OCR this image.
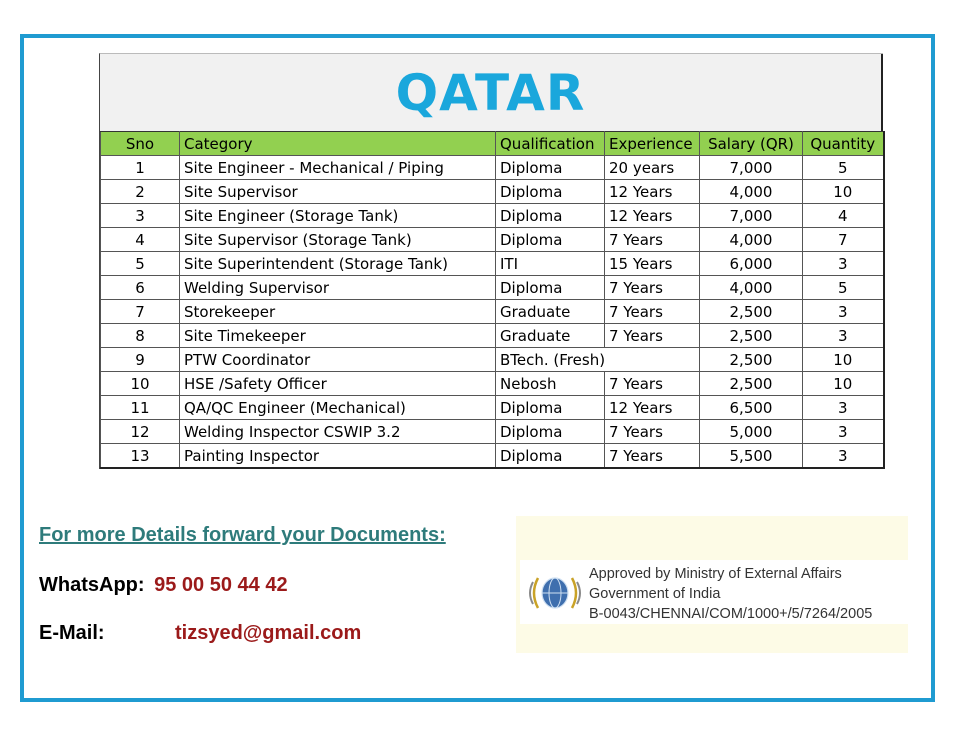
QATAR
Sno	Category	Qualification	Experience	Salary (QR)	Quantity
1	Site Engineer - Mechanical / Piping	Diploma	20 years	7,000	5
2	Site Supervisor	Diploma	12 Years	4,000	10
3	Site Engineer (Storage Tank)	Diploma	12 Years	7,000	4
4	Site Supervisor (Storage Tank)	Diploma	7 Years	4,000	7
5	Site Superintendent (Storage Tank)	ITI	15 Years	6,000	3
6	Welding Supervisor	Diploma	7 Years	4,000	5
7	Storekeeper	Graduate	7 Years	2,500	3
8	Site Timekeeper	Graduate	7 Years	2,500	3
9	PTW Coordinator	BTech. (Fresh)		2,500	10
10	HSE /Safety Officer	Nebosh	7 Years	2,500	10
11	QA/QC Engineer (Mechanical)	Diploma	12 Years	6,500	3
12	Welding Inspector CSWIP 3.2	Diploma	7 Years	5,000	3
13	Painting Inspector	Diploma	7 Years	5,500	3
For more Details forward your Documents:
WhatsApp: 95 00 50 44 42
E-Mail:	tizsyed@gmail.com
Approved by Ministry of External Affairs
Government of India
B-0043/CHENNAI/COM/1000+/5/7264/2005
